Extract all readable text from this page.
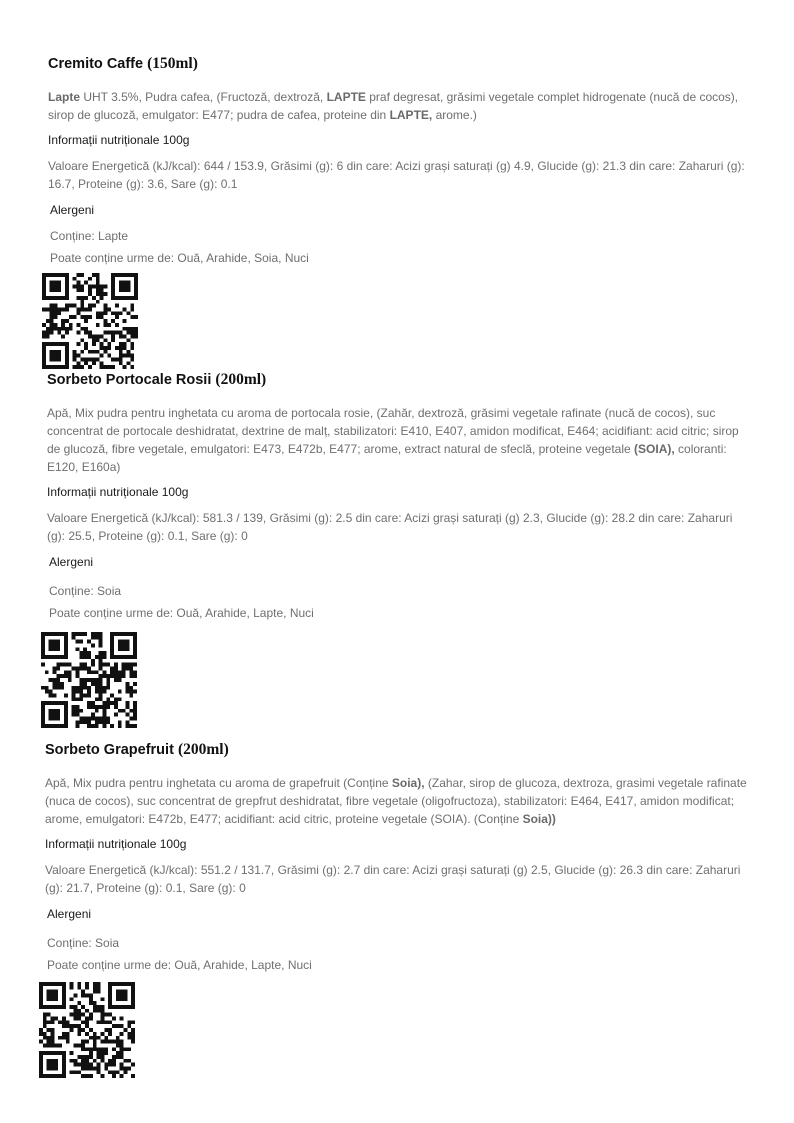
Cremito Caffe (150ml)

Lapte UHT 3.5%, Pudra cafea, (Fructoză, dextroză, LAPTE praf degresat, grăsimi vegetale complet hidrogenate (nucă de cocos), sirop de glucoză, emulgator: E477; pudra de cafea, proteine din LAPTE, arome.)

Informații nutriționale 100g

Valoare Energetică (kJ/kcal): 644 / 153.9, Grăsimi (g): 6 din care: Acizi grași saturați (g) 4.9, Glucide (g): 21.3 din care: Zaharuri (g): 16.7, Proteine (g): 3.6, Sare (g): 0.1

Alergeni
Conține: Lapte
Poate conține urme de: Ouă, Arahide, Soia, Nuci
Sorbeto Portocale Rosii (200ml)

Apă, Mix pudra pentru inghetata cu aroma de portocala rosie, (Zahăr, dextroză, grăsimi vegetale rafinate (nucă de cocos), suc concentrat de portocale deshidratat, dextrine de malț, stabilizatori: E410, E407, amidon modificat, E464; acidifiant: acid citric; sirop de glucoză, fibre vegetale, emulgatori: E473, E472b, E477; arome, extract natural de sfeclă, proteine vegetale (SOIA), coloranti: E120, E160a)

Informații nutriționale 100g

Valoare Energetică (kJ/kcal): 581.3 / 139, Grăsimi (g): 2.5 din care: Acizi grași saturați (g) 2.3, Glucide (g): 28.2 din care: Zaharuri (g): 25.5, Proteine (g): 0.1, Sare (g): 0

Alergeni
Conține: Soia
Poate conține urme de: Ouă, Arahide, Lapte, Nuci
Sorbeto Grapefruit (200ml)

Apă, Mix pudra pentru inghetata cu aroma de grapefruit (Conține Soia), (Zahar, sirop de glucoza, dextroza, grasimi vegetale rafinate (nuca de cocos), suc concentrat de grepfrut deshidratat, fibre vegetale (oligofructoza), stabilizatori: E464, E417, amidon modificat; arome, emulgatori: E472b, E477; acidifiant: acid citric, proteine vegetale (SOIA). (Conține Soia))

Informații nutriționale 100g

Valoare Energetică (kJ/kcal): 551.2 / 131.7, Grăsimi (g): 2.7 din care: Acizi grași saturați (g) 2.5, Glucide (g): 26.3 din care: Zaharuri (g): 21.7, Proteine (g): 0.1, Sare (g): 0

Alergeni
Conține: Soia
Poate conține urme de: Ouă, Arahide, Lapte, Nuci
